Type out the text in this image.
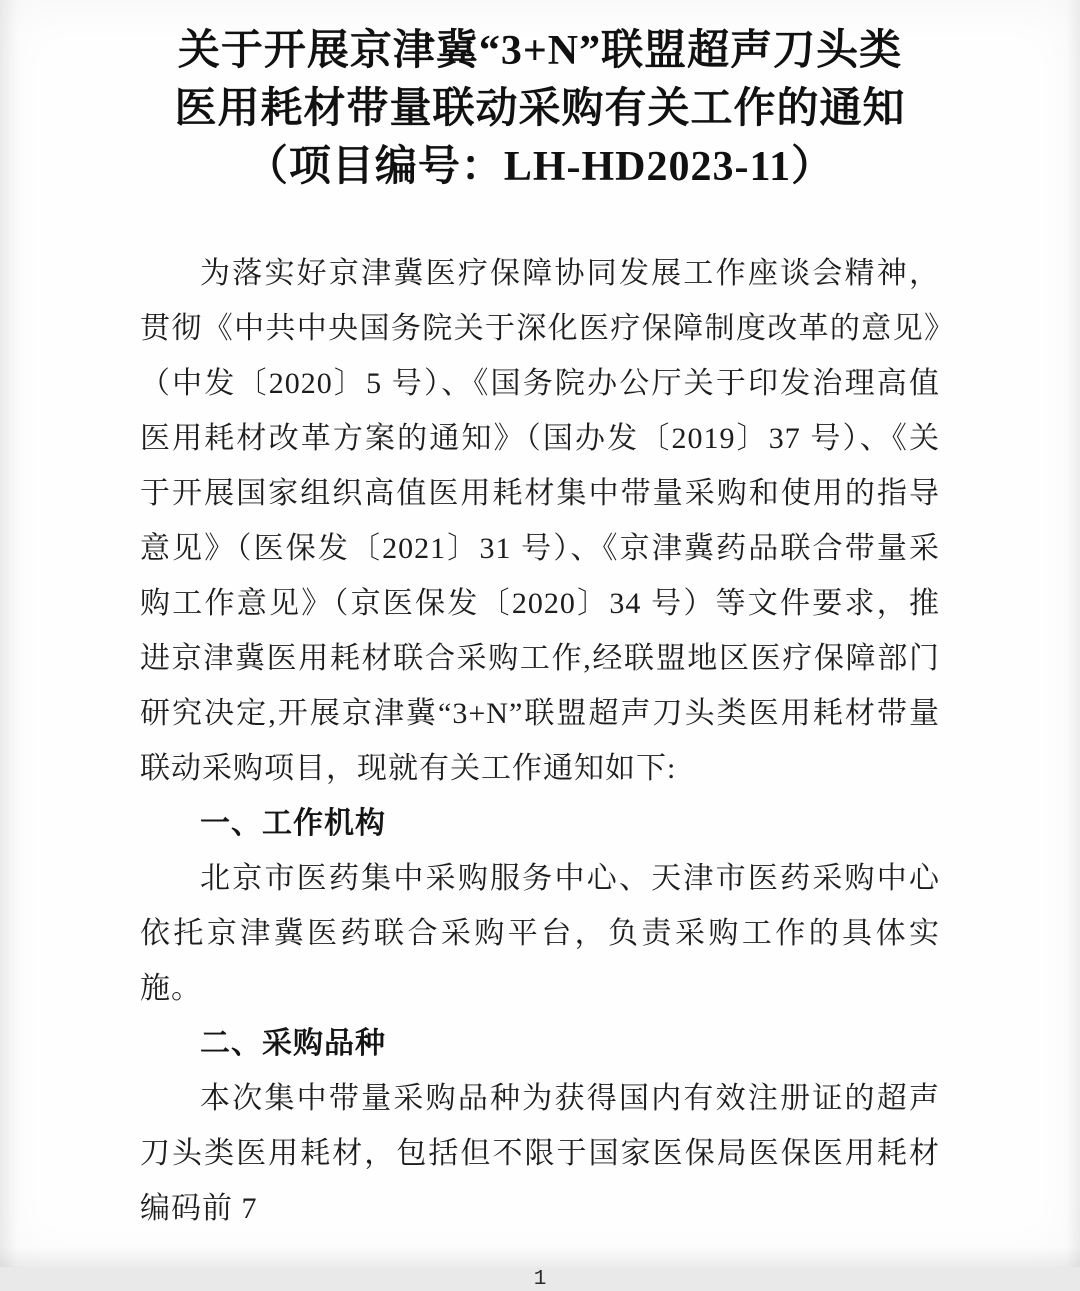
关于开展京津冀“3+N”联盟超声刀头类
医用耗材带量联动采购有关工作的通知
（项目编号：LH-HD2023-11）

为落实好京津冀医疗保障协同发展工作座谈会精神，贯彻《中共中央国务院关于深化医疗保障制度改革的意见》（中发〔2020〕5 号）、《国务院办公厅关于印发治理高值医用耗材改革方案的通知》（国办发〔2019〕37 号）、《关于开展国家组织高值医用耗材集中带量采购和使用的指导意见》（医保发〔2021〕31 号）、《京津冀药品联合带量采购工作意见》（京医保发〔2020〕34 号）等文件要求，推进京津冀医用耗材联合采购工作,经联盟地区医疗保障部门研究决定,开展京津冀“3+N”联盟超声刀头类医用耗材带量联动采购项目，现就有关工作通知如下:

一、工作机构

北京市医药集中采购服务中心、天津市医药采购中心依托京津冀医药联合采购平台，负责采购工作的具体实施。

二、采购品种

本次集中带量采购品种为获得国内有效注册证的超声刀头类医用耗材，包括但不限于国家医保局医保医用耗材编码前 7

1
